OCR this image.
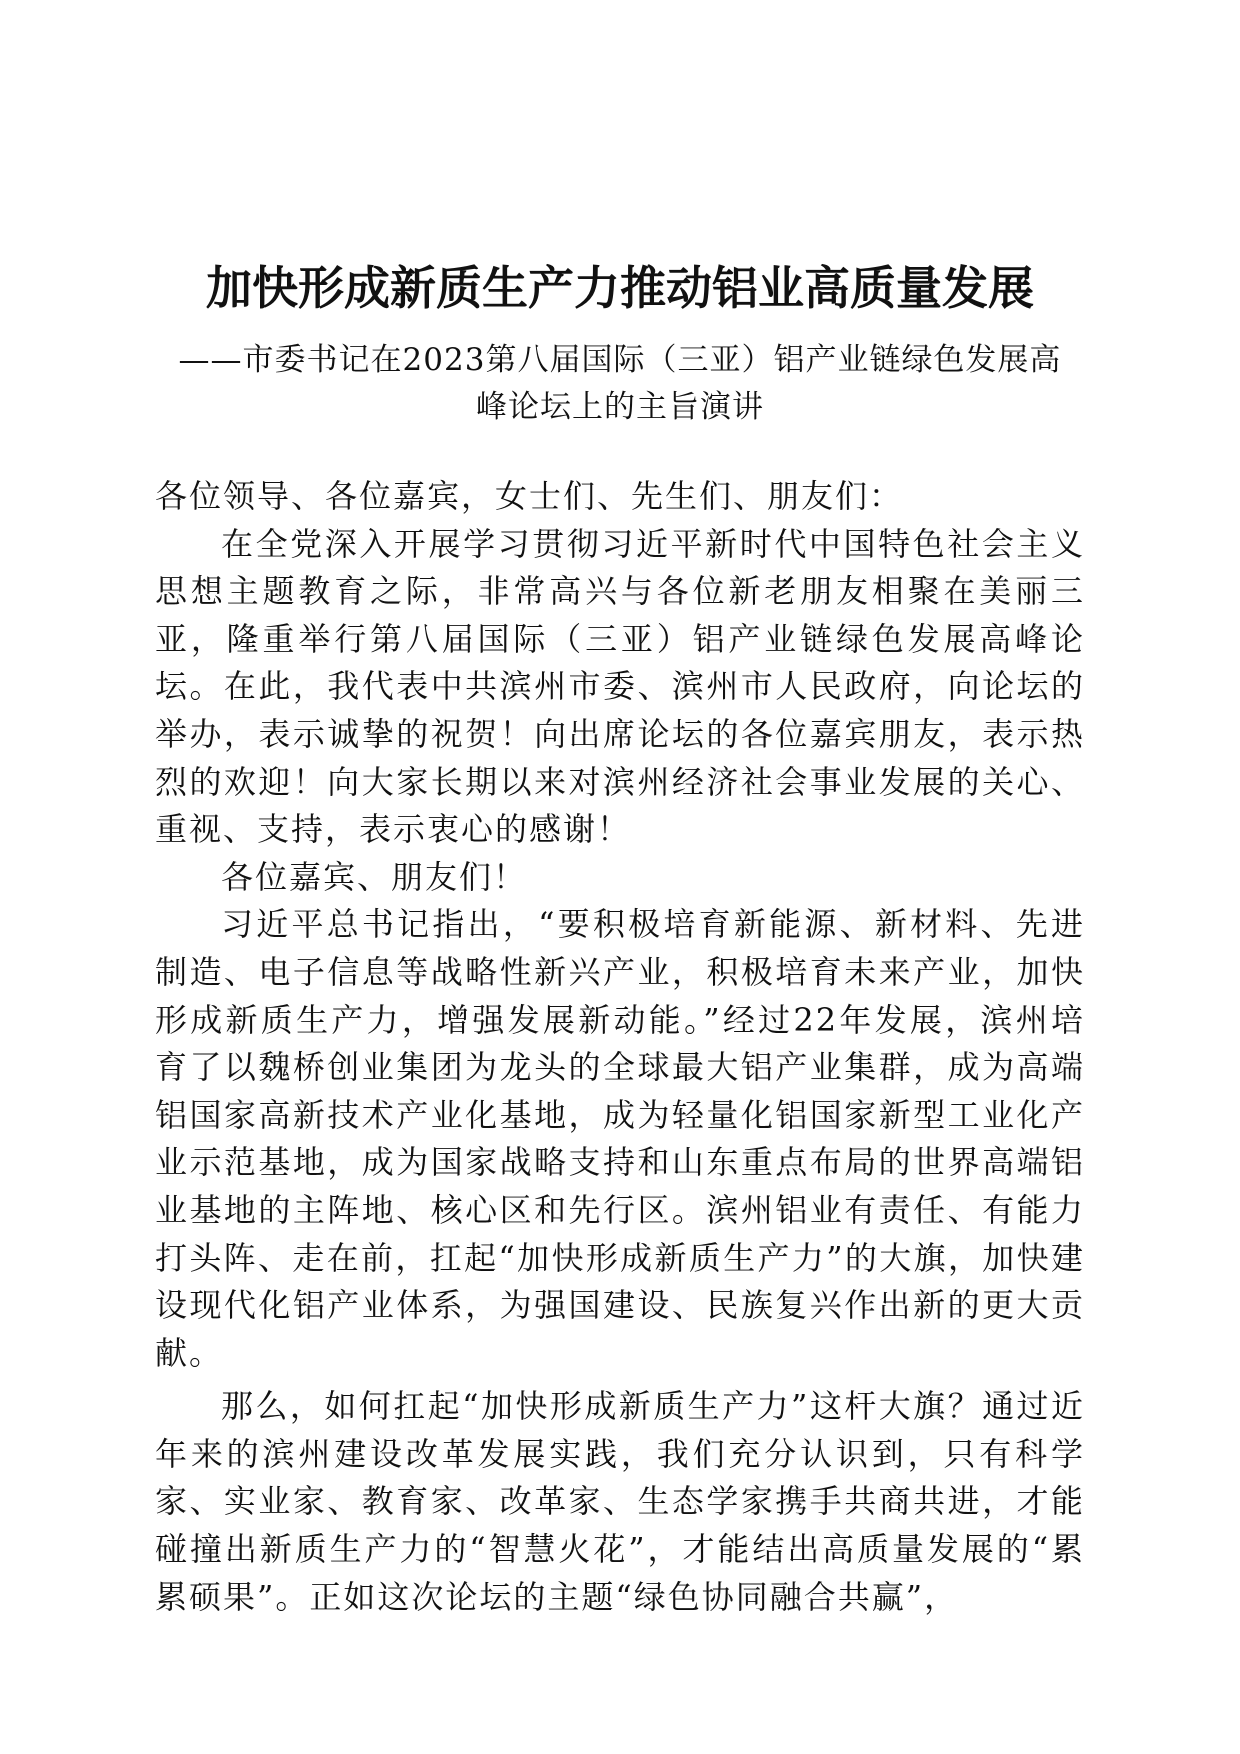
加快形成新质生产力推动铝业高质量发展
——市委书记在2023第八届国际（三亚）铝产业链绿色发展高
峰论坛上的主旨演讲

各位领导、各位嘉宾，女士们、先生们、朋友们：

在全党深入开展学习贯彻习近平新时代中国特色社会主义思想主题教育之际，非常高兴与各位新老朋友相聚在美丽三亚，隆重举行第八届国际（三亚）铝产业链绿色发展高峰论坛。在此，我代表中共滨州市委、滨州市人民政府，向论坛的举办，表示诚挚的祝贺！向出席论坛的各位嘉宾朋友，表示热烈的欢迎！向大家长期以来对滨州经济社会事业发展的关心、重视、支持，表示衷心的感谢！

各位嘉宾、朋友们！

习近平总书记指出，“要积极培育新能源、新材料、先进制造、电子信息等战略性新兴产业，积极培育未来产业，加快形成新质生产力，增强发展新动能。”经过22年发展，滨州培育了以魏桥创业集团为龙头的全球最大铝产业集群，成为高端铝国家高新技术产业化基地，成为轻量化铝国家新型工业化产业示范基地，成为国家战略支持和山东重点布局的世界高端铝业基地的主阵地、核心区和先行区。滨州铝业有责任、有能力打头阵、走在前，扛起“加快形成新质生产力”的大旗，加快建设现代化铝产业体系，为强国建设、民族复兴作出新的更大贡献。

那么，如何扛起“加快形成新质生产力”这杆大旗？通过近年来的滨州建设改革发展实践，我们充分认识到，只有科学家、实业家、教育家、改革家、生态学家携手共商共进，才能碰撞出新质生产力的“智慧火花”，才能结出高质量发展的“累累硕果”。正如这次论坛的主题“绿色协同融合共赢”，
